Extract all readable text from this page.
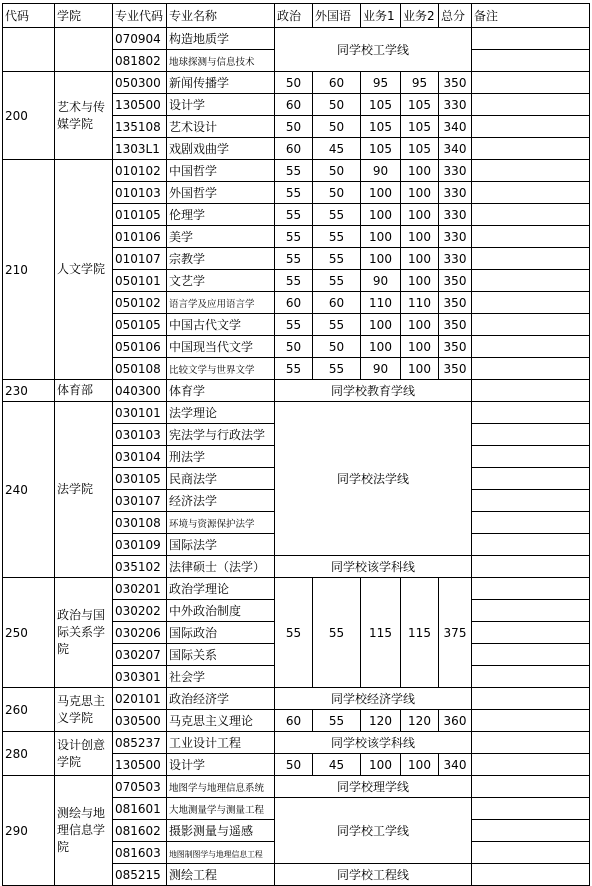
代码	学院	专业代码	专业名称	政治	外国语	业务1	业务2	总分	备注
		070904	构造地质学	同学校工学线					
		081802	地球探测与信息技术						
200	艺术与传媒学院	050300	新闻传播学	50	60	95	95	350	
		130500	设计学	60	50	105	105	330	
		135108	艺术设计	50	50	105	105	340	
		1303L1	戏剧戏曲学	60	45	105	105	340	
210	人文学院	010102	中国哲学	55	50	90	100	330	
		010103	外国哲学	55	50	100	100	330	
		010105	伦理学	55	55	100	100	330	
		010106	美学	55	55	100	100	330	
		010107	宗教学	55	55	100	100	330	
		050101	文艺学	55	55	90	100	350	
		050102	语言学及应用语言学	60	60	110	110	350	
		050105	中国古代文学	55	55	100	100	350	
		050106	中国现当代文学	50	50	100	100	350	
		050108	比较文学与世界文学	55	55	90	100	350	
230	体育部	040300	体育学	同学校教育学线					
240	法学院	030101	法学理论	同学校法学线					
		030103	宪法学与行政法学						
		030104	刑法学						
		030105	民商法学						
		030107	经济法学						
		030108	环境与资源保护法学						
		030109	国际法学						
		035102	法律硕士（法学）	同学校该学科线					
250	政治与国际关系学院	030201	政治学理论	55	55	115	115	375	
		030202	中外政治制度						
		030206	国际政治						
		030207	国际关系						
		030301	社会学						
260	马克思主义学院	020101	政治经济学	同学校经济学线					
		030500	马克思主义理论	60	55	120	120	360	
280	设计创意学院	085237	工业设计工程	同学校该学科线					
		130500	设计学	50	45	100	100	340	
290	测绘与地理信息学院	070503	地图学与地理信息系统	同学校理学线					
		081601	大地测量学与测量工程	同学校工学线					
		081602	摄影测量与遥感						
		081603	地图制图学与地理信息工程						
		085215	测绘工程	同学校工程线					
